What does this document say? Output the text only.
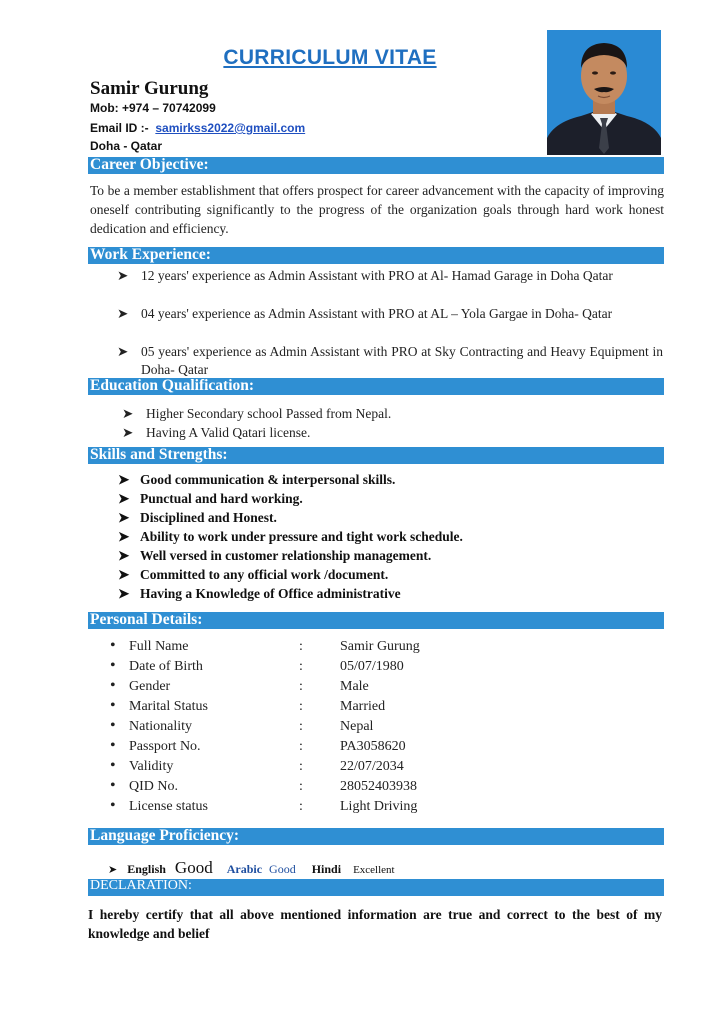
CURRICULUM VITAE
Samir Gurung
Mob: +974 – 70742099
Email ID :- samirkss2022@gmail.com
Doha - Qatar
Career Objective:
To be a member establishment that offers prospect for career advancement with the capacity of improving oneself contributing significantly to the progress of the organization goals through hard work honest dedication and efficiency.
Work Experience:
➤ 12 years' experience as Admin Assistant with PRO at Al- Hamad Garage in Doha Qatar
➤ 04 years' experience as Admin Assistant with PRO at AL – Yola Gargae in Doha- Qatar
➤ 05 years' experience as Admin Assistant with PRO at Sky Contracting and Heavy Equipment in Doha- Qatar
Education Qualification:
➤ Higher Secondary school Passed from Nepal.
➤ Having A Valid Qatari license.
Skills and Strengths:
➤ Good communication & interpersonal skills.
➤ Punctual and hard working.
➤ Disciplined and Honest.
➤ Ability to work under pressure and tight work schedule.
➤ Well versed in customer relationship management.
➤ Committed to any official work /document.
➤ Having a Knowledge of Office administrative
Personal Details:
• Full Name	:	Samir Gurung
• Date of Birth	:	05/07/1980
• Gender	:	Male
• Marital Status	:	Married
• Nationality	:	Nepal
• Passport No.	:	PA3058620
• Validity	:	22/07/2034
• QID No.	:	28052403938
• License status	:	Light Driving
Language Proficiency:
➤ English Good Arabic Good Hindi Excellent
DECLARATION:
I hereby certify that all above mentioned information are true and correct to the best of my knowledge and belief
